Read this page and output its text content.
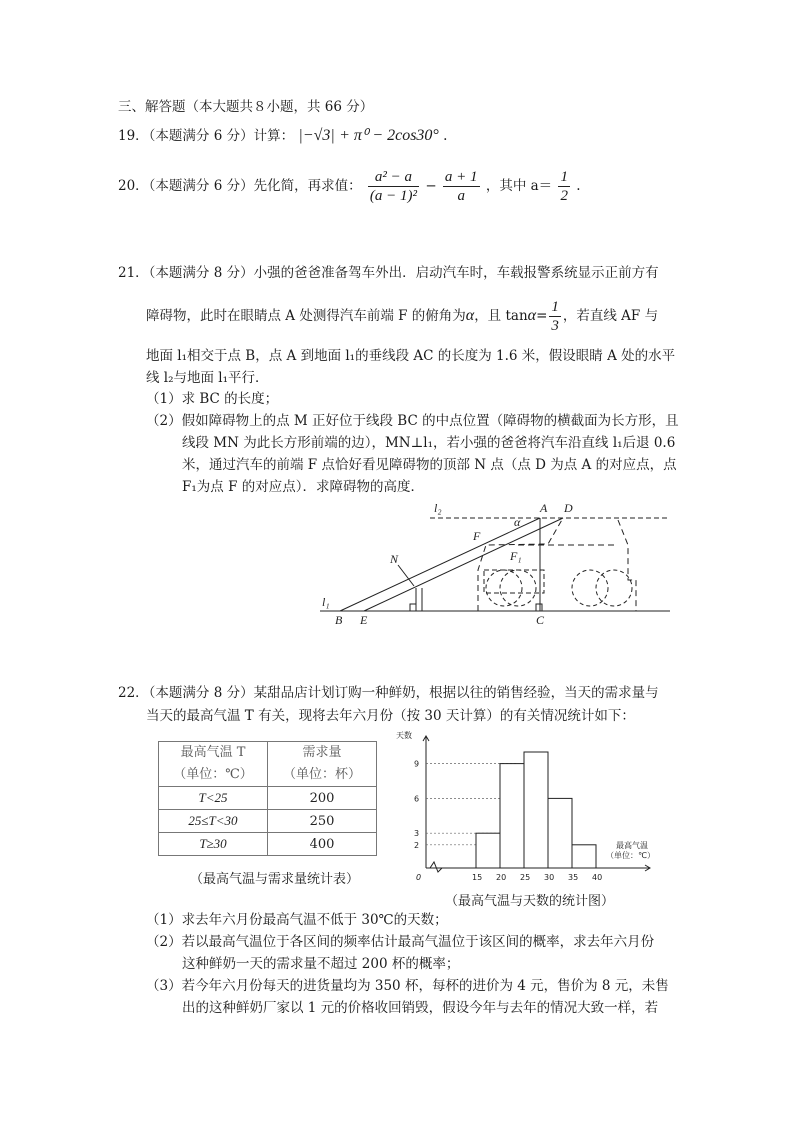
三、解答题（本大题共８小题，共 66 分）
19．（本题满分 6 分）计算： |−√3| + π⁰ − 2cos30° .
20．（本题满分 6 分）先化简，再求值： $\frac{\text{a² − a}}{\text{(a − 1)²}} - \frac{a + 1}{a}$ ，其中 $a= \frac{1}{2}$ .
21．（本题满分 8 分）小强的爸爸准备驾车外出．启动汽车时，车载报警系统显示正前方有
障碍物，此时在眼睛点 A 处测得汽车前端 F 的俯角为α，且 $\tan\alpha= \frac{1}{3}$ ，若直线 AF 与
地面 l₁相交于点 B，点 A 到地面 l₁的垂线段 AC 的长度为 1.6 米，假设眼睛 A 处的水平
线 l₂与地面 l₁平行．
（1）求 BC 的长度；
（2）假如障碍物上的点 M 正好位于线段 BC 的中点位置（障碍物的横截面为长方形，且
线段 MN 为此长方形前端的边），MN⊥l₁，若小强的爸爸将汽车沿直线 l₁后退 0.6
米，通过汽车的前端 F 点恰好看见障碍物的顶部 N 点（点 D 为点 A 的对应点，点
F₁为点 F 的对应点）．求障碍物的高度．
l₂
l₁
A D
F
F₁
N
B E	C
α
22．（本题满分 8 分）某甜品店计划订购一种鲜奶，根据以往的销售经验，当天的需求量与
当天的最高气温 T 有关，现将去年六月份（按 30 天计算）的有关情况统计如下：
最高气温 T
（单位：℃）	需求量
（单位：杯）
T<25	200
25≤T<30	250
T≥30	400
（最高气温与需求量统计表）
2
3
6
9
15 20 25 30 35 40
0
天数
最高气温
（单位：℃）
（最高气温与天数的统计图）
（1）求去年六月份最高气温不低于 30℃的天数；
（2）若以最高气温位于各区间的频率估计最高气温位于该区间的概率，求去年六月份
这种鲜奶一天的需求量不超过 200 杯的概率；
（3）若今年六月份每天的进货量均为 350 杯，每杯的进价为 4 元，售价为 8 元，未售
出的这种鲜奶厂家以 1 元的价格收回销毁，假设今年与去年的情况大致一样，若
